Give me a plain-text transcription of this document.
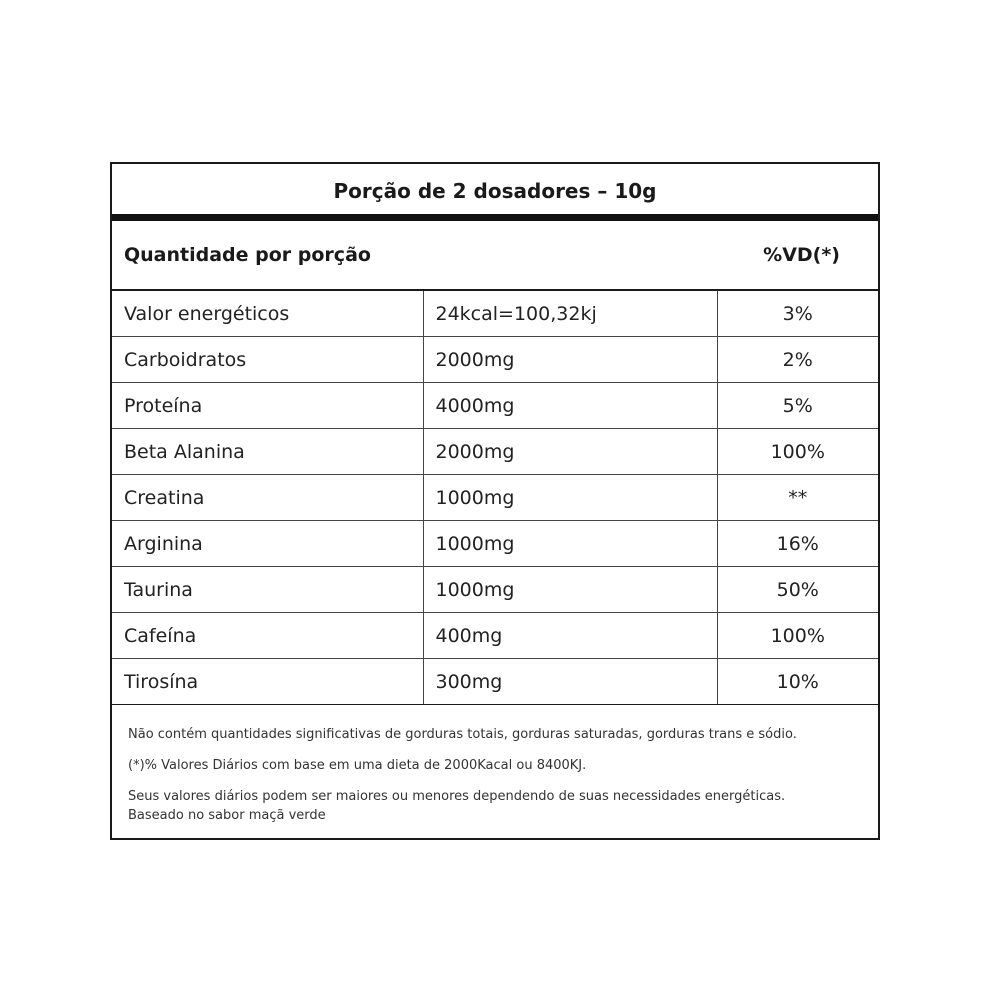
Porção de 2 dosadores – 10g
Quantidade por porção	%VD(*)
Valor energéticos	24kcal=100,32kj	3%
Carboidratos	2000mg	2%
Proteína	4000mg	5%
Beta Alanina	2000mg	100%
Creatina	1000mg	**
Arginina	1000mg	16%
Taurina	1000mg	50%
Cafeína	400mg	100%
Tirosína	300mg	10%

Não contém quantidades significativas de gorduras totais, gorduras saturadas, gorduras trans e sódio.

(*)% Valores Diários com base em uma dieta de 2000Kacal ou 8400KJ.

Seus valores diários podem ser maiores ou menores dependendo de suas necessidades energéticas.

Baseado no sabor maçã verde
